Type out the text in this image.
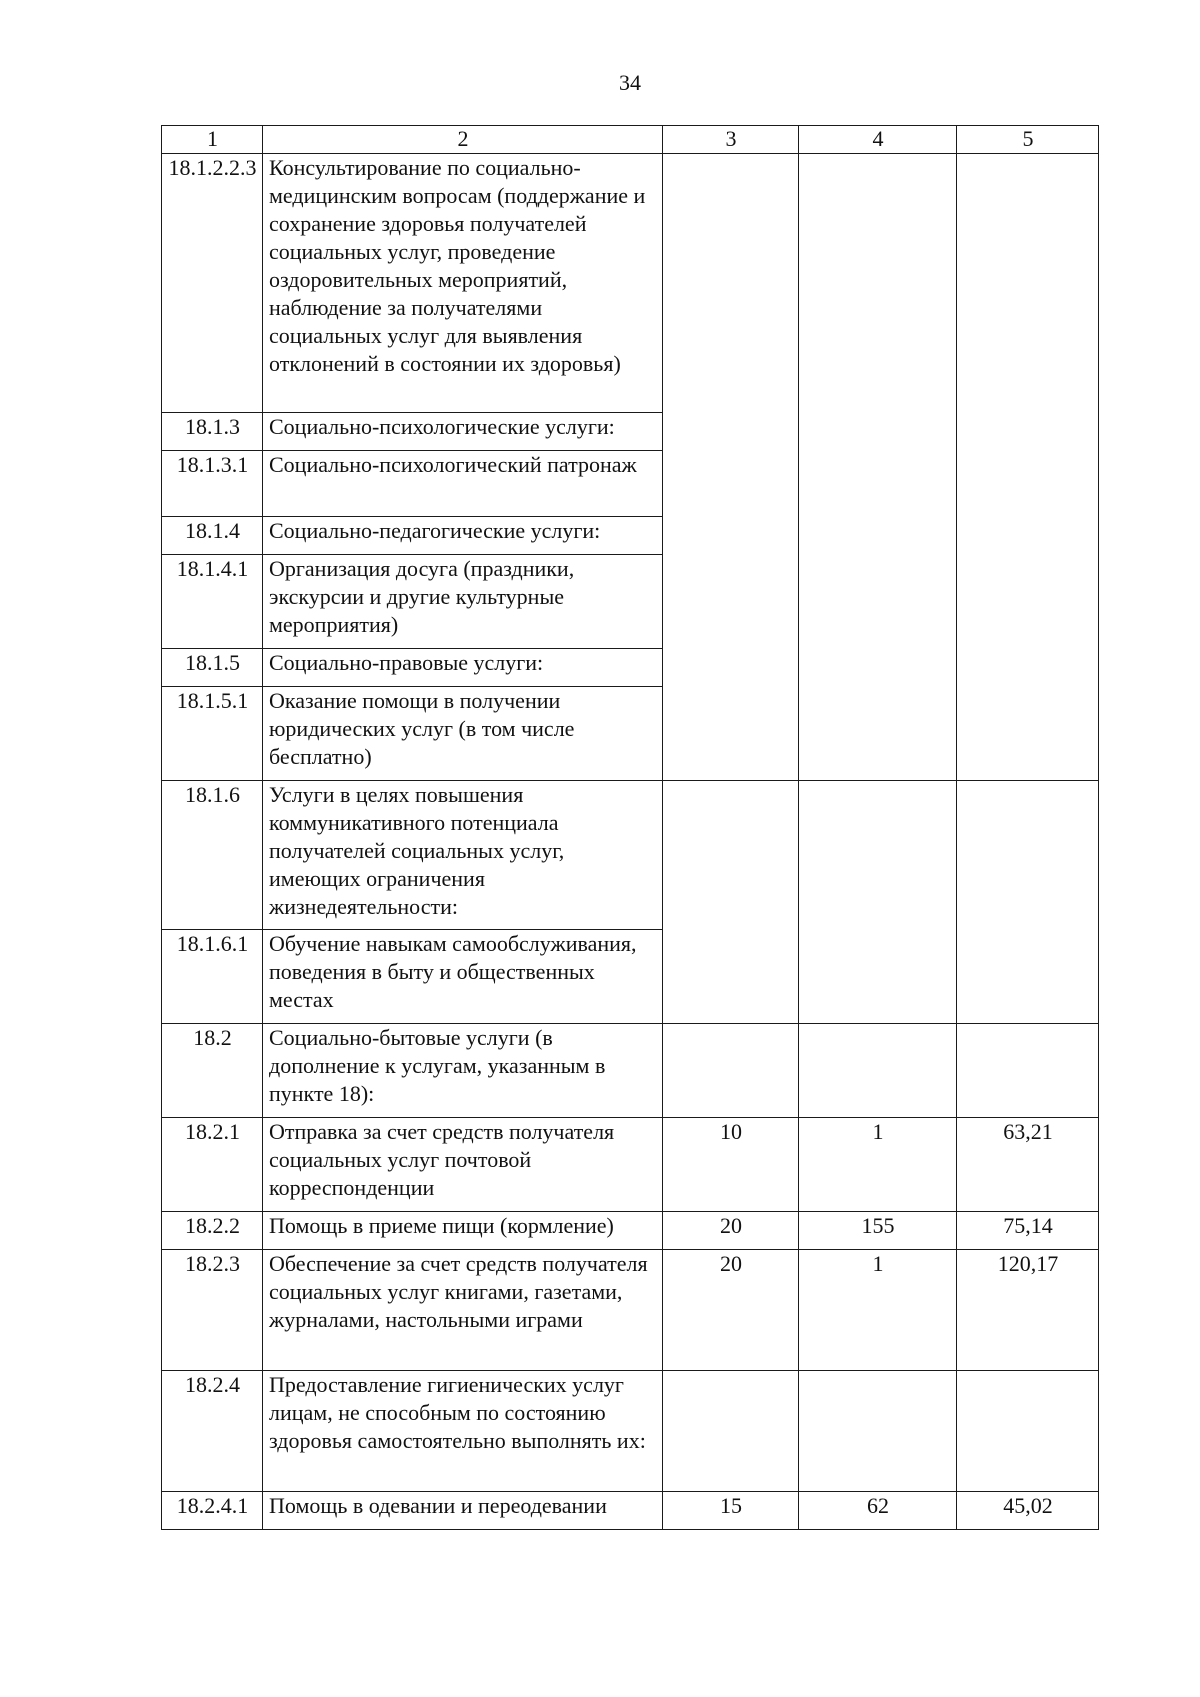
34
1	2	3	4	5
18.1.2.2.3	Консультирование по социально-медицинским вопросам (поддержание и сохранение здоровья получателей социальных услуг, проведение оздоровительных мероприятий, наблюдение за получателями социальных услуг для выявления отклонений в состоянии их здоровья)			
18.1.3	Социально-психологические услуги:			
18.1.3.1	Социально-психологический патронаж			
18.1.4	Социально-педагогические услуги:			
18.1.4.1	Организация досуга (праздники, экскурсии и другие культурные мероприятия)			
18.1.5	Социально-правовые услуги:			
18.1.5.1	Оказание помощи в получении юридических услуг (в том числе бесплатно)			
18.1.6	Услуги в целях повышения коммуникативного потенциала получателей социальных услуг, имеющих ограничения жизнедеятельности:			
18.1.6.1	Обучение навыкам самообслуживания, поведения в быту и общественных местах			
18.2	Социально-бытовые услуги (в дополнение к услугам, указанным в пункте 18):			
18.2.1	Отправка за счет средств получателя социальных услуг почтовой корреспонденции	10	1	63,21
18.2.2	Помощь в приеме пищи (кормление)	20	155	75,14
18.2.3	Обеспечение за счет средств получателя социальных услуг книгами, газетами, журналами, настольными играми	20	1	120,17
18.2.4	Предоставление гигиенических услуг лицам, не способным по состоянию здоровья самостоятельно выполнять их:			
18.2.4.1	Помощь в одевании и переодевании	15	62	45,02
